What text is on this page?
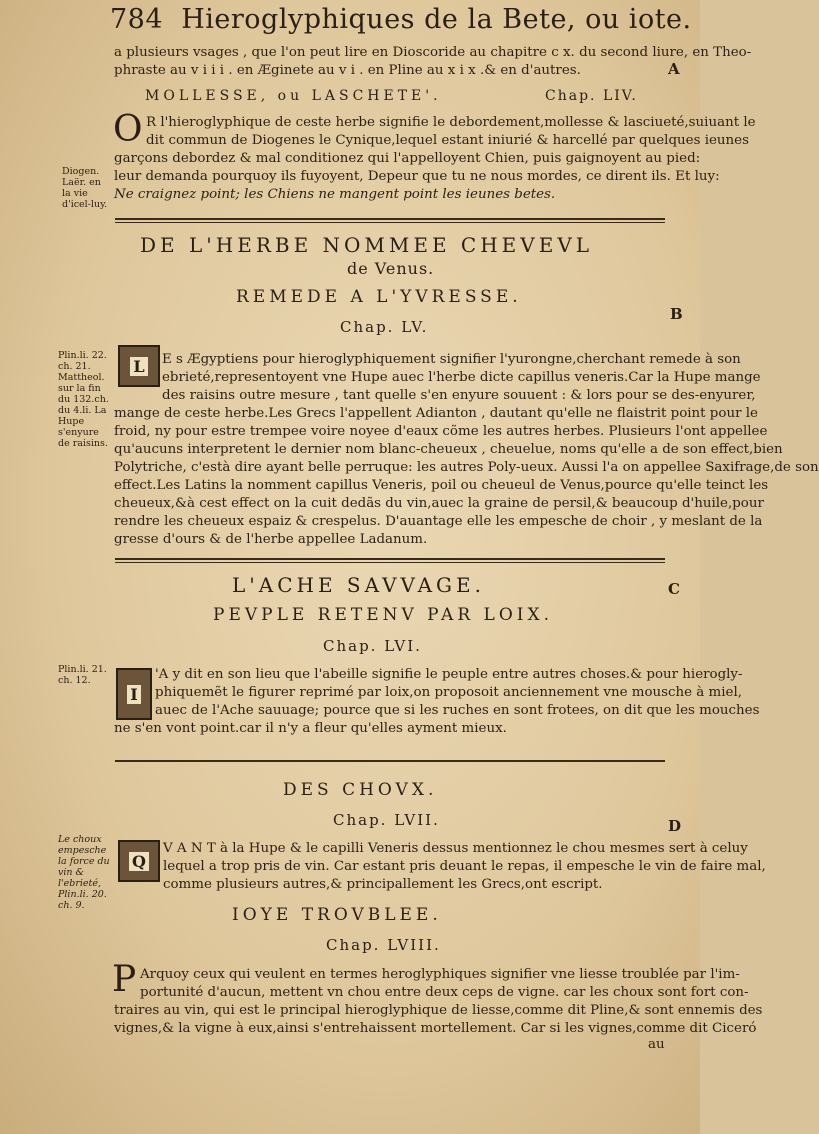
784 Hieroglyphiques de la Bete, ou iote.
A
B
C
D
a plusieurs vsages , que l'on peut lire en Dioscoride au chapitre c x. du second liure, en Theo-
phraste au v i i i . en Æginete au v i . en Pline au x i x .& en d'autres.
MOLLESSE, ou LASCHETE'.	Chap. LIV.
O R l'hieroglyphique de ceste herbe signifie le debordement,mollesse & lasciueté,suiuant le
dit commun de Diogenes le Cynique,lequel estant iniurié & harcellé par quelques ieunes
garçons debordez & mal conditionez qui l'appelloyent Chien, puis gaignoyent au pied:
leur demanda pourquoy ils fuyoyent, Depeur que tu ne nous mordes, ce dirent ils. Et luy:
Ne craignez point; les Chiens ne mangent point les ieunes betes.
Diogen. Laër. en la vie d'icel-luy.
DE L'HERBE NOMMEE CHEVEVL
de Venus.
REMEDE A L'YVRESSE.
Chap. LV.
L E s Ægyptiens pour hieroglyphiquement signifier l'yurongne,cherchant remede à son
ebrieté,representoyent vne Hupe auec l'herbe dicte capillus veneris.Car la Hupe mange
des raisins outre mesure , tant quelle s'en enyure souuent : & lors pour se des-enyurer,
mange de ceste herbe.Les Grecs l'appellent Adianton , dautant qu'elle ne flaistrit point pour le
froid, ny pour estre trempee voire noyee d'eaux cõme les autres herbes. Plusieurs l'ont appellee
qu'aucuns interpretent le dernier nom blanc-cheueux , cheuelue, noms qu'elle a de son effect,bien
Polytriche, c'està dire ayant belle perruque: les autres Poly-ueux. Aussi l'a on appellee Saxifrage,de son
effect.Les Latins la nomment capillus Veneris, poil ou cheueul de Venus,pource qu'elle teinct les
cheueux,&à cest effect on la cuit dedãs du vin,auec la graine de persil,& beaucoup d'huile,pour
rendre les cheueux espaiz & crespelus. D'auantage elle les empesche de choir , y meslant de la
gresse d'ours & de l'herbe appellee Ladanum.
Plin.li. 22. ch. 21. Mattheol. sur la fin du 132.ch. du 4.li. La Hupe s'enyure de raisins.
L'ACHE SAVVAGE.
PEVPLE RETENV PAR LOIX.
Chap. LVI.
I
'A y dit en son lieu que l'abeille signifie le peuple entre autres choses.& pour hierogly-
phiquemẽt le figurer reprimé par loix,on proposoit anciennement vne mousche à miel,
auec de l'Ache sauuage; pource que si les ruches en sont frotees, on dit que les mouches
ne s'en vont point.car il n'y a fleur qu'elles ayment mieux.
Plin.li. 21. ch. 12.
DES CHOVX.
Chap. LVII.
Q
V A N T à la Hupe & le capilli Veneris dessus mentionnez le chou mesmes sert à celuy
lequel a trop pris de vin. Car estant pris deuant le repas, il empesche le vin de faire mal,
comme plusieurs autres,& principallement les Grecs,ont escript.
Le choux empesche la force du vin & l'ebrieté, Plin.li. 20. ch. 9.	IOYE TROVBLEE.
Chap. LVIII.
P Arquoy ceux qui veulent en termes heroglyphiques signifier vne liesse troublée par l'im-
portunité d'aucun, mettent vn chou entre deux ceps de vigne. car les choux sont fort con-
traires au vin, qui est le principal hieroglyphique de liesse,comme dit Pline,& sont ennemis des
vignes,& la vigne à eux,ainsi s'entrehaissent mortellement. Car si les vignes,comme dit Ciceró
au
